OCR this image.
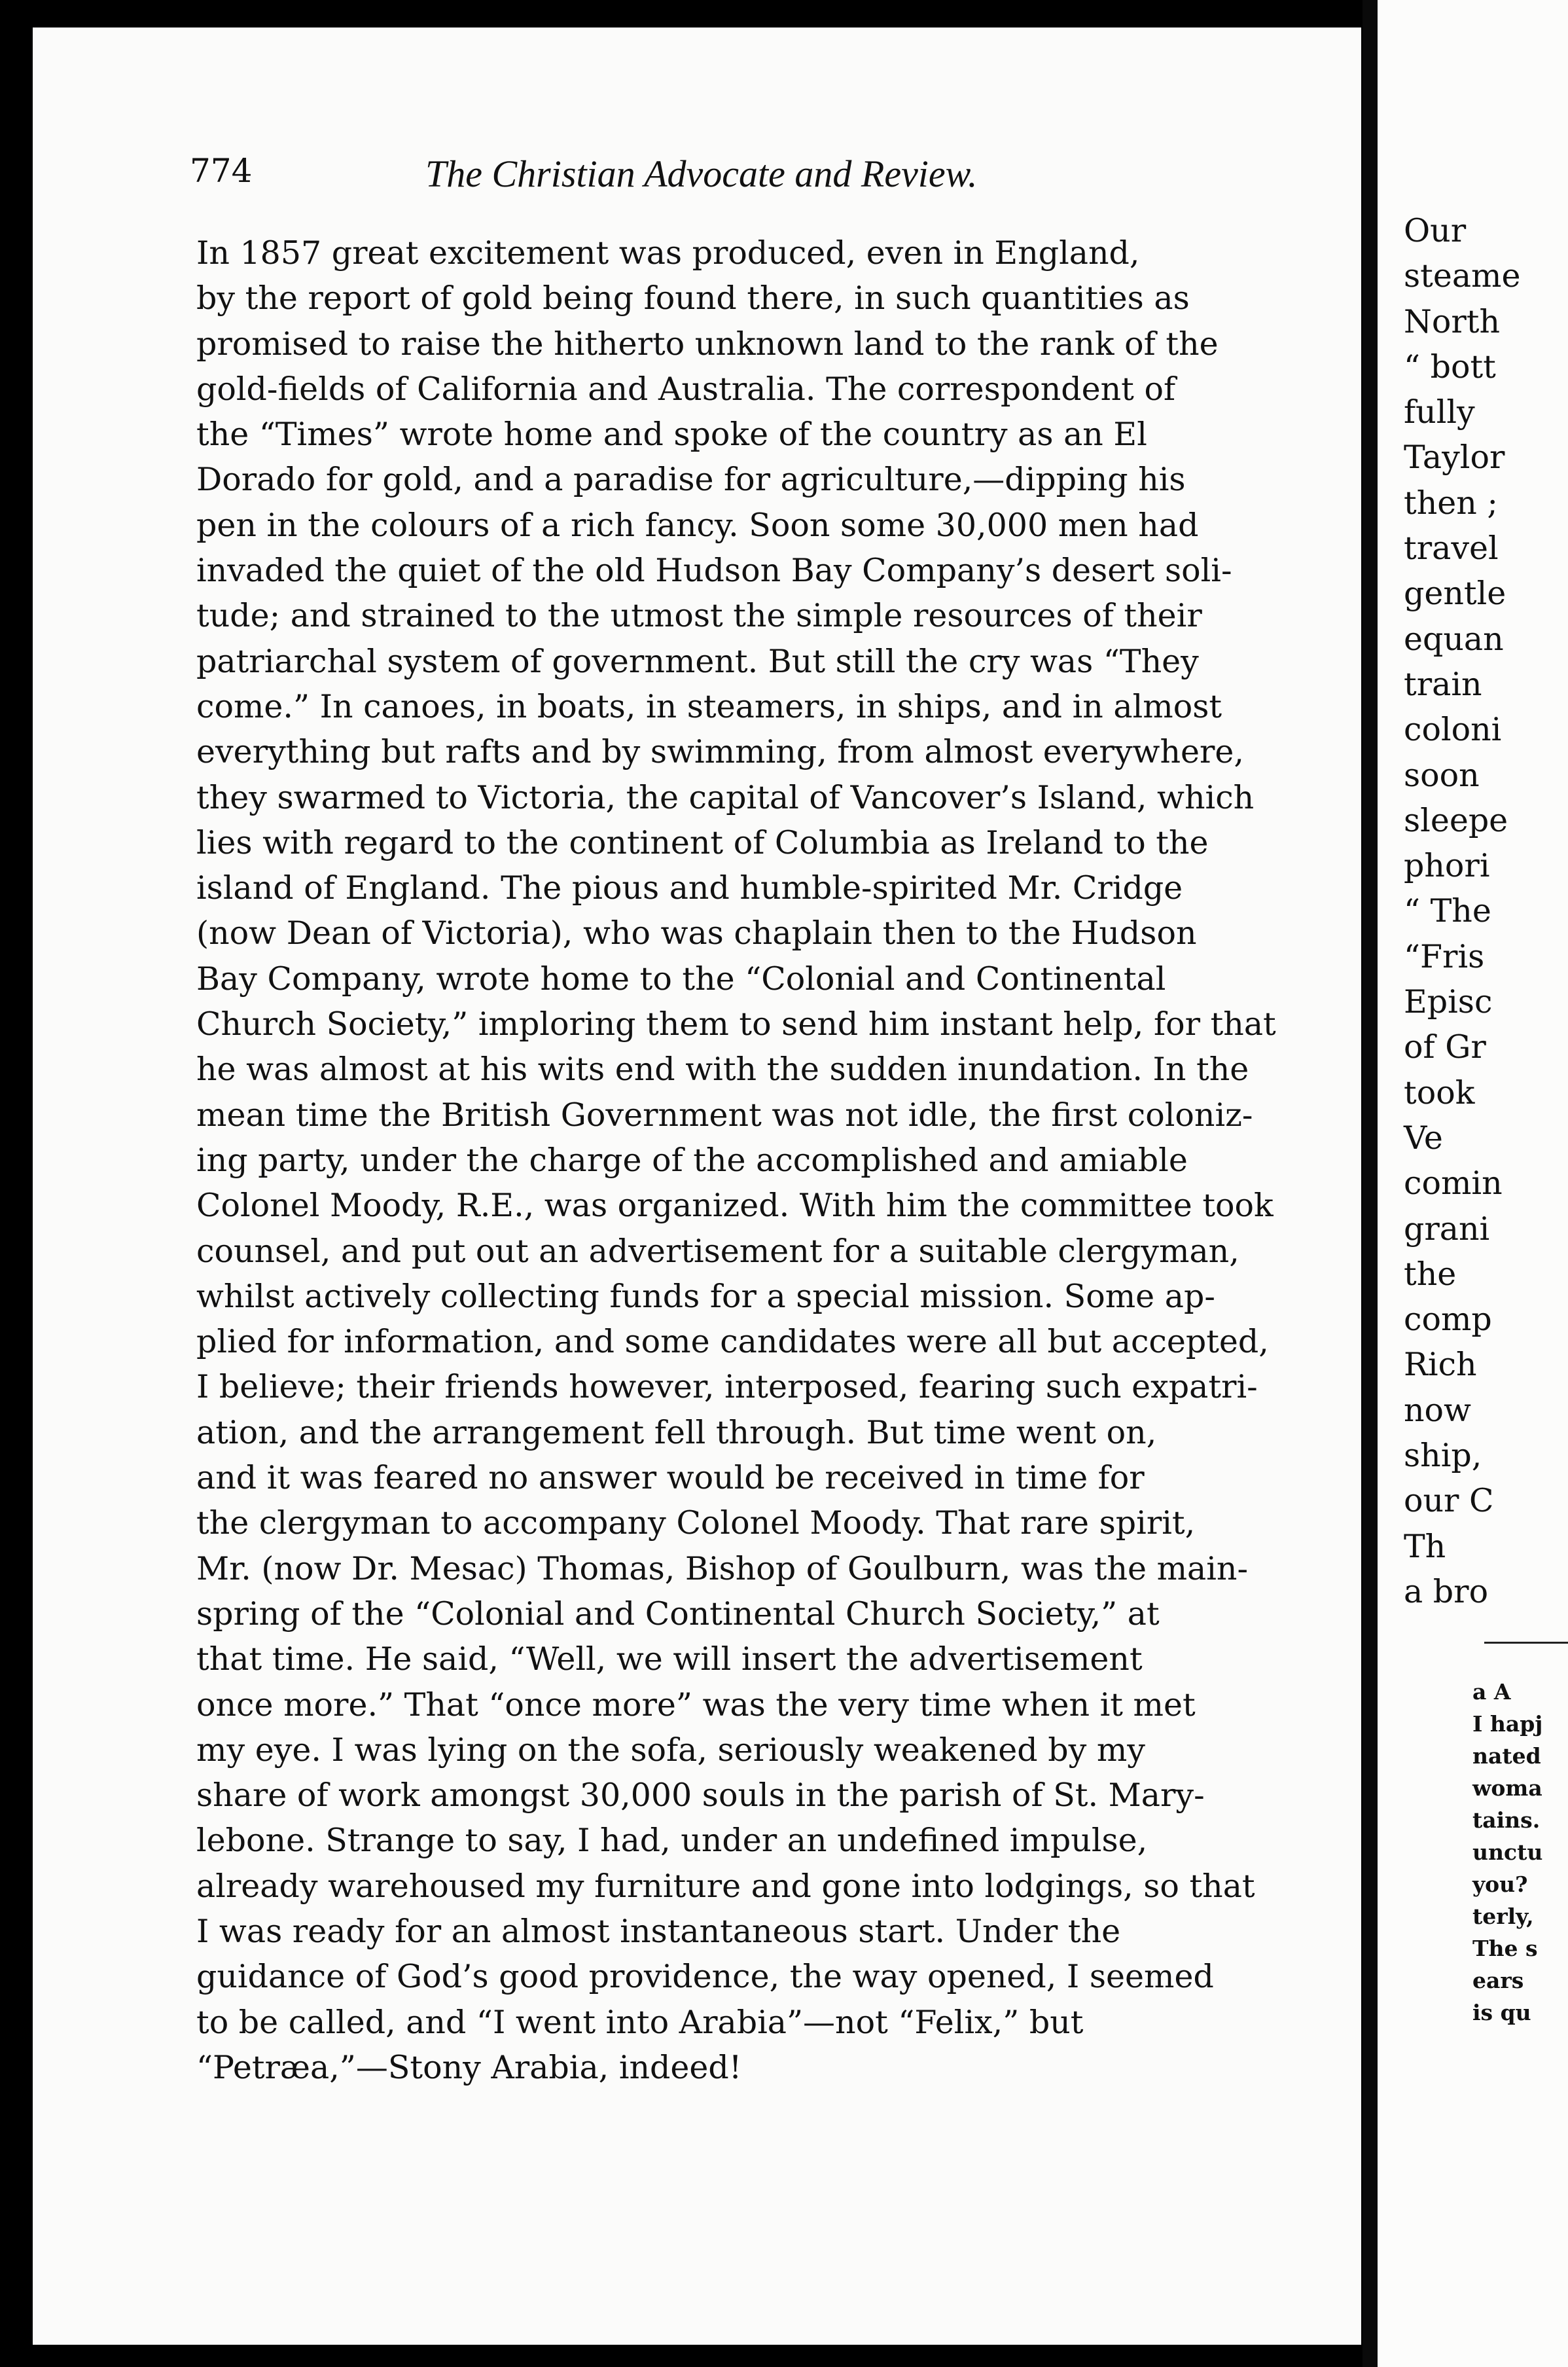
774	The Christian Advocate and Review.
In 1857 great excitement was produced, even in England,
by the report of gold being found there, in such quantities as
promised to raise the hitherto unknown land to the rank of the
gold-fields of California and Australia. The correspondent of
the “Times” wrote home and spoke of the country as an El
Dorado for gold, and a paradise for agriculture,—dipping his
pen in the colours of a rich fancy. Soon some 30,000 men had
invaded the quiet of the old Hudson Bay Company’s desert soli-
tude; and strained to the utmost the simple resources of their
patriarchal system of government. But still the cry was “They
come.” In canoes, in boats, in steamers, in ships, and in almost
everything but rafts and by swimming, from almost everywhere,
they swarmed to Victoria, the capital of Vancover’s Island, which
lies with regard to the continent of Columbia as Ireland to the
island of England. The pious and humble-spirited Mr. Cridge
(now Dean of Victoria), who was chaplain then to the Hudson
Bay Company, wrote home to the “Colonial and Continental
Church Society,” imploring them to send him instant help, for that
he was almost at his wits end with the sudden inundation. In the
mean time the British Government was not idle, the first coloniz-
ing party, under the charge of the accomplished and amiable
Colonel Moody, R.E., was organized. With him the committee took
counsel, and put out an advertisement for a suitable clergyman,
whilst actively collecting funds for a special mission. Some ap-
plied for information, and some candidates were all but accepted,
I believe; their friends however, interposed, fearing such expatri-
ation, and the arrangement fell through. But time went on,
and it was feared no answer would be received in time for
the clergyman to accompany Colonel Moody. That rare spirit,
Mr. (now Dr. Mesac) Thomas, Bishop of Goulburn, was the main-
spring of the “Colonial and Continental Church Society,” at
that time. He said, “Well, we will insert the advertisement
once more.” That “once more” was the very time when it met
my eye. I was lying on the sofa, seriously weakened by my
share of work amongst 30,000 souls in the parish of St. Mary-
lebone. Strange to say, I had, under an undefined impulse,
already warehoused my furniture and gone into lodgings, so that
I was ready for an almost instantaneous start. Under the
guidance of God’s good providence, the way opened, I seemed
to be called, and “I went into Arabia”—not “Felix,” but
“Petræa,”—Stony Arabia, indeed!
Our
steame
North
“ bott
fully
Taylor
then ;
travel
gentle
equan
train
coloni
soon
sleepe
phori
“ The
“Fris
Episc
of Gr
took
Ve
comin
grani
the
comp
Rich
now
ship,
our C
Th
a bro
a A
I hapj
nated
woma
tains.
unctu
you?
terly,
The s
ears
is qu
